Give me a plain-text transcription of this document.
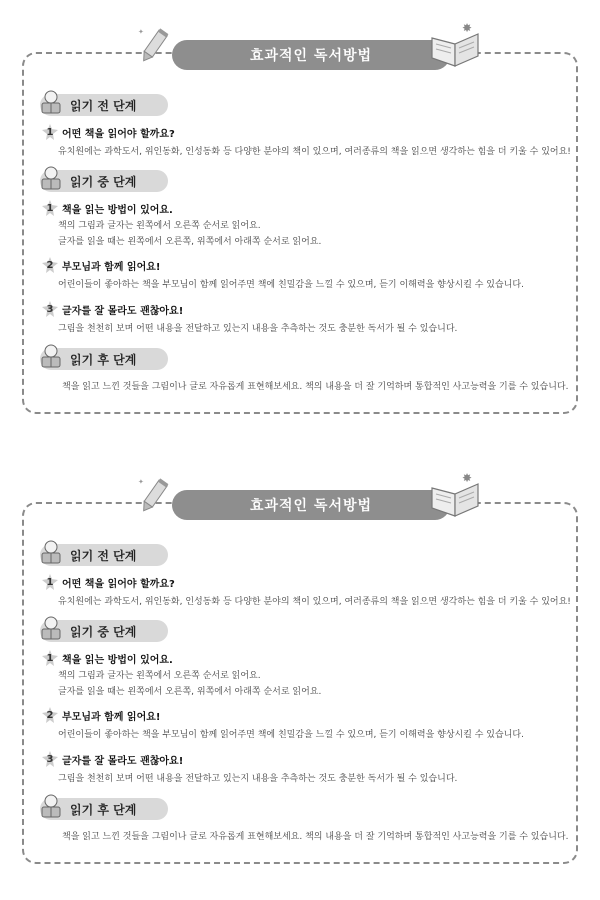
✦
효과적인 독서방법
✸
읽기 전 단계
1 어떤 책을 읽어야 할까요?
유치원에는 과학도서, 위인동화, 인성동화 등 다양한 분야의 책이 있으며, 여러종류의 책을 읽으면 생각하는 힘을 더 키울 수 있어요!
읽기 중 단계
1 책을 읽는 방법이 있어요.
책의 그림과 글자는 왼쪽에서 오른쪽 순서로 읽어요.
글자를 읽을 때는 왼쪽에서 오른쪽, 위쪽에서 아래쪽 순서로 읽어요.
2 부모님과 함께 읽어요!
어린이들이 좋아하는 책을 부모님이 함께 읽어주면 책에 친밀감을 느낄 수 있으며, 듣기 이해력을 향상시킬 수 있습니다.
3 글자를 잘 몰라도 괜찮아요!
그림을 천천히 보며 어떤 내용을 전달하고 있는지 내용을 추측하는 것도 충분한 독서가 될 수 있습니다.
읽기 후 단계
책을 읽고 느낀 것들을 그림이나 글로 자유롭게 표현해보세요. 책의 내용을 더 잘 기억하며 통합적인 사고능력을 기를 수 있습니다.
✦
효과적인 독서방법
✸
읽기 전 단계
1 어떤 책을 읽어야 할까요?
유치원에는 과학도서, 위인동화, 인성동화 등 다양한 분야의 책이 있으며, 여러종류의 책을 읽으면 생각하는 힘을 더 키울 수 있어요!
읽기 중 단계
1 책을 읽는 방법이 있어요.
책의 그림과 글자는 왼쪽에서 오른쪽 순서로 읽어요.
글자를 읽을 때는 왼쪽에서 오른쪽, 위쪽에서 아래쪽 순서로 읽어요.
2 부모님과 함께 읽어요!
어린이들이 좋아하는 책을 부모님이 함께 읽어주면 책에 친밀감을 느낄 수 있으며, 듣기 이해력을 향상시킬 수 있습니다.
3 글자를 잘 몰라도 괜찮아요!
그림을 천천히 보며 어떤 내용을 전달하고 있는지 내용을 추측하는 것도 충분한 독서가 될 수 있습니다.
읽기 후 단계
책을 읽고 느낀 것들을 그림이나 글로 자유롭게 표현해보세요. 책의 내용을 더 잘 기억하며 통합적인 사고능력을 기를 수 있습니다.
